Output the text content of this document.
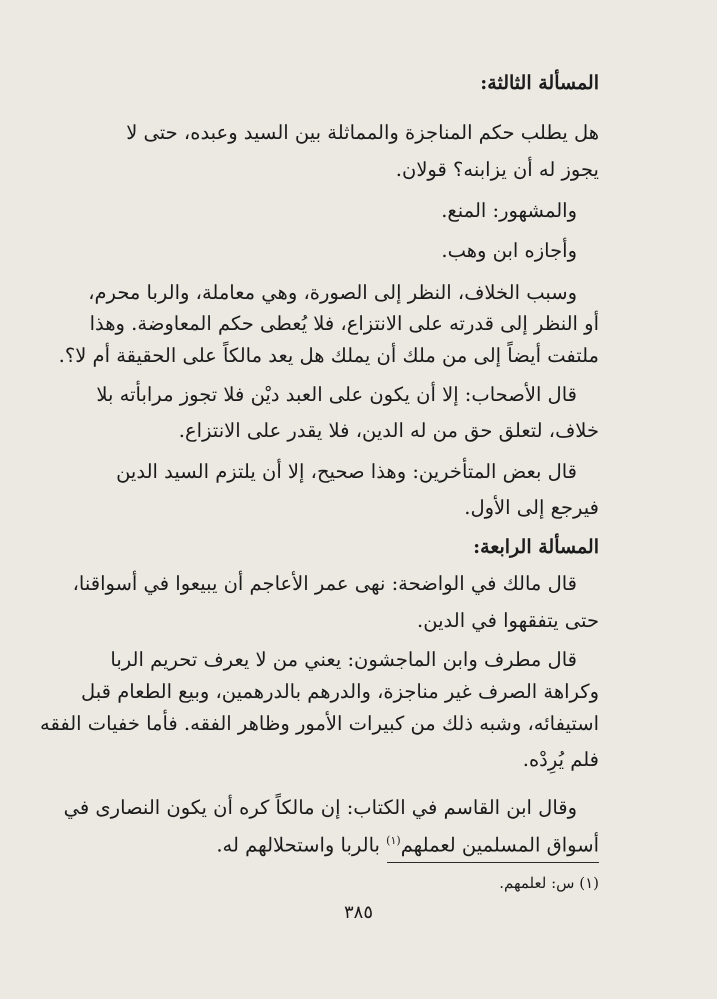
المسألة الثالثة:
هل يطلب حكم المناجزة والمماثلة بين السيد وعبده، حتى لا
يجوز له أن يزابنه؟ قولان.
والمشهور: المنع.
وأجازه ابن وهب.
وسبب الخلاف، النظر إلى الصورة، وهي معاملة، والربا محرم،
أو النظر إلى قدرته على الانتزاع، فلا يُعطى حكم المعاوضة. وهذا
ملتفت أيضاً إلى من ملك أن يملك هل يعد مالكاً على الحقيقة أم لا؟.
قال الأصحاب: إلا أن يكون على العبد ديْن فلا تجوز مرابأته بلا
خلاف، لتعلق حق من له الدين، فلا يقدر على الانتزاع.
قال بعض المتأخرين: وهذا صحيح، إلا أن يلتزم السيد الدين
فيرجع إلى الأول.
المسألة الرابعة:
قال مالك في الواضحة: نهى عمر الأعاجم أن يبيعوا في أسواقنا،
حتى يتفقهوا في الدين.
قال مطرف وابن الماجشون: يعني من لا يعرف تحريم الربا
وكراهة الصرف غير مناجزة، والدرهم بالدرهمين، وبيع الطعام قبل
استيفائه، وشبه ذلك من كبيرات الأمور وظاهر الفقه. فأما خفيات الفقه
فلم يُرِدْه.
وقال ابن القاسم في الكتاب: إن مالكاً كره أن يكون النصارى في
أسواق المسلمين لعملهم$^{(١)}$ بالربا واستحلالهم له.
(١) س: لعلمهم.
٣٨٥
